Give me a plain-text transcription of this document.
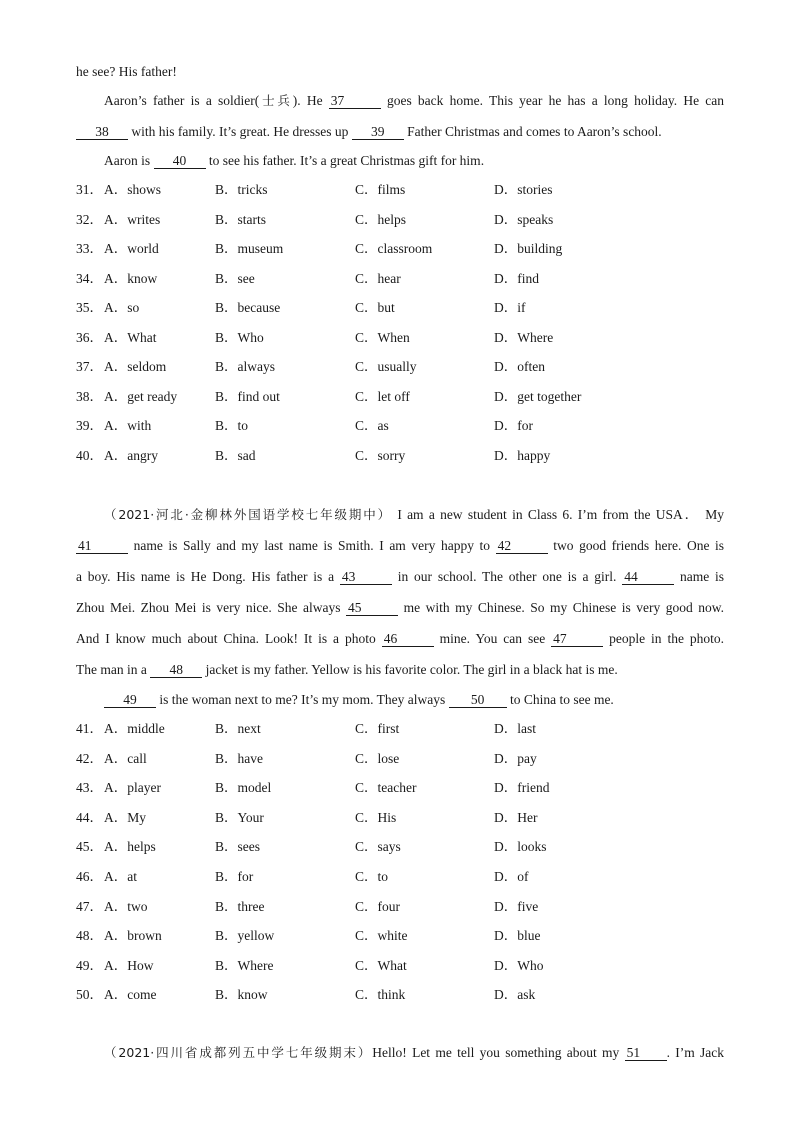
he see? His father!
Aaron’s father is a soldier(士兵). He 37	goes back home. This year he has a long holiday. He can
38 with his family. It’s great. He dresses up 39 Father Christmas and comes to Aaron’s school.
Aaron is 40 to see his father. It’s a great Christmas gift for him.
31． A．shows	B．tricks	C．films	D．stories
32． A．writes	B．starts	C．helps	D．speaks
33． A．world	B．museum	C．classroom	D．building
34． A．know	B．see	C．hear	D．find
35． A．so	B．because	C．but	D．if
36． A．What	B．Who	C．When	D．Where
37． A．seldom	B．always	C．usually	D．often
38． A．get ready	B．find out	C．let off	D．get together
39． A．with	B．to	C．as	D．for
40． A．angry	B．sad	C．sorry	D．happy
（2021·河北·金柳林外国语学校七年级期中） I am a new student in Class 6. I’m from the USA． My
41	name is Sally and my last name is Smith. I am very happy to 42	two good friends here. One is
a boy. His name is He Dong. His father is a 43	in our school. The other one is a girl. 44	name is
Zhou Mei. Zhou Mei is very nice. She always 45	me with my Chinese. So my Chinese is very good now.
And I know much about China. Look! It is a photo 46	mine. You can see 47	people in the photo.
The man in a 48 jacket is my father. Yellow is his favorite color. The girl in a black hat is me.
49 is the woman next to me? It’s my mom. They always 50 to China to see me.
41． A．middle	B．next	C．first	D．last
42． A．call	B．have	C．lose	D．pay
43． A．player	B．model	C．teacher	D．friend
44． A．My	B．Your	C．His	D．Her
45． A．helps	B．sees	C．says	D．looks
46． A．at	B．for	C．to	D．of
47． A．two	B．three	C．four	D．five
48． A．brown	B．yellow	C．white	D．blue
49． A．How	B．Where	C．What	D．Who
50． A．come	B．know	C．think	D．ask
（2021·四川省成都列五中学七年级期末）Hello! Let me tell you something about my 51 . I’m Jack
